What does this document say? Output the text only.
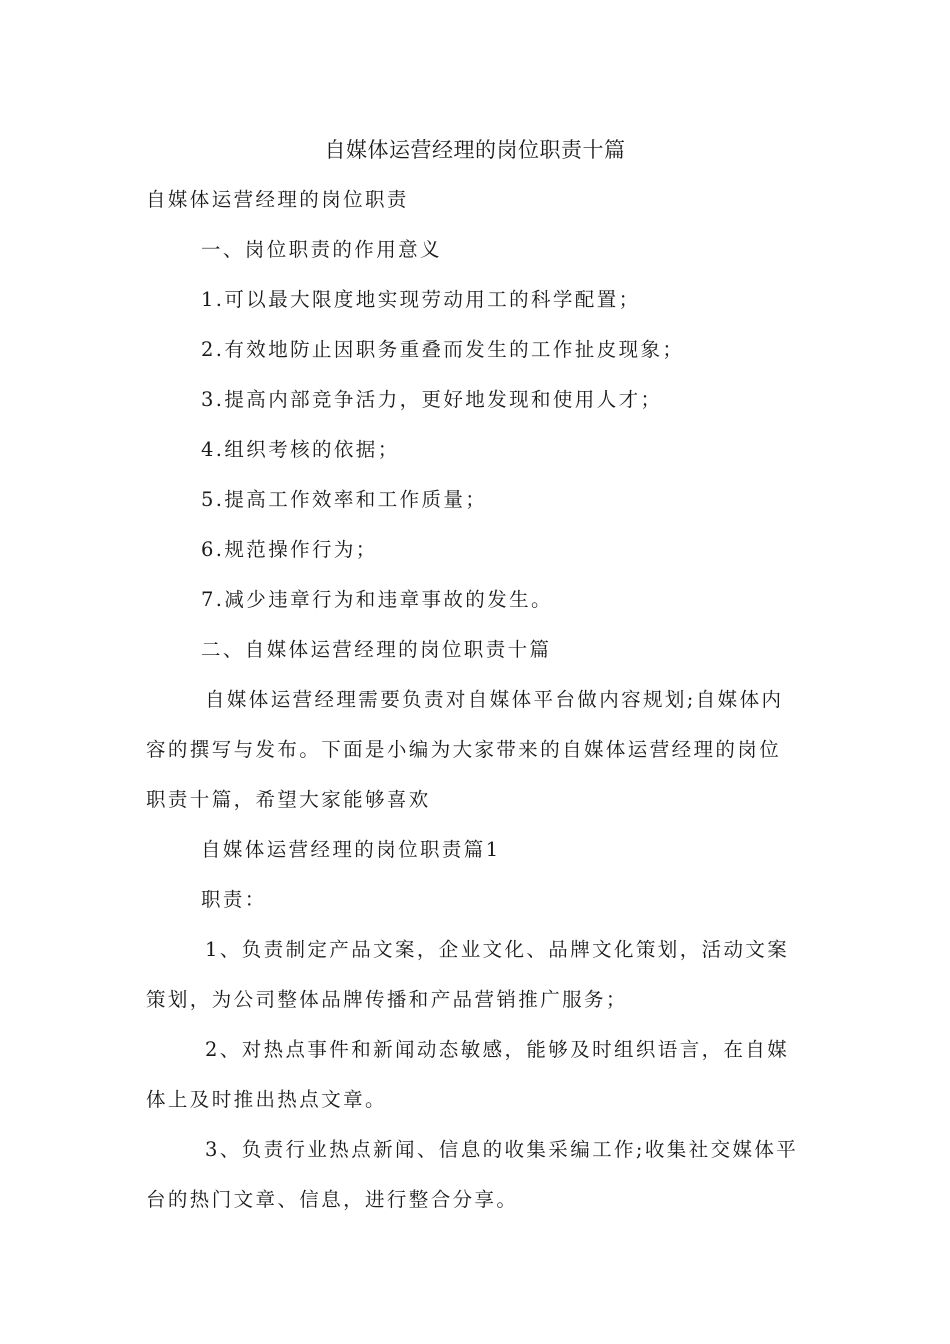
自媒体运营经理的岗位职责十篇
自媒体运营经理的岗位职责
一、岗位职责的作用意义
1.可以最大限度地实现劳动用工的科学配置；
2.有效地防止因职务重叠而发生的工作扯皮现象；
3.提高内部竞争活力，更好地发现和使用人才；
4.组织考核的依据；
5.提高工作效率和工作质量；
6.规范操作行为；
7.减少违章行为和违章事故的发生。
二、自媒体运营经理的岗位职责十篇
自媒体运营经理需要负责对自媒体平台做内容规划;自媒体内
容的撰写与发布。下面是小编为大家带来的自媒体运营经理的岗位
职责十篇，希望大家能够喜欢
自媒体运营经理的岗位职责篇1
职责：
1、负责制定产品文案，企业文化、品牌文化策划，活动文案
策划，为公司整体品牌传播和产品营销推广服务；
2、对热点事件和新闻动态敏感，能够及时组织语言，在自媒
体上及时推出热点文章。
3、负责行业热点新闻、信息的收集采编工作;收集社交媒体平
台的热门文章、信息，进行整合分享。
